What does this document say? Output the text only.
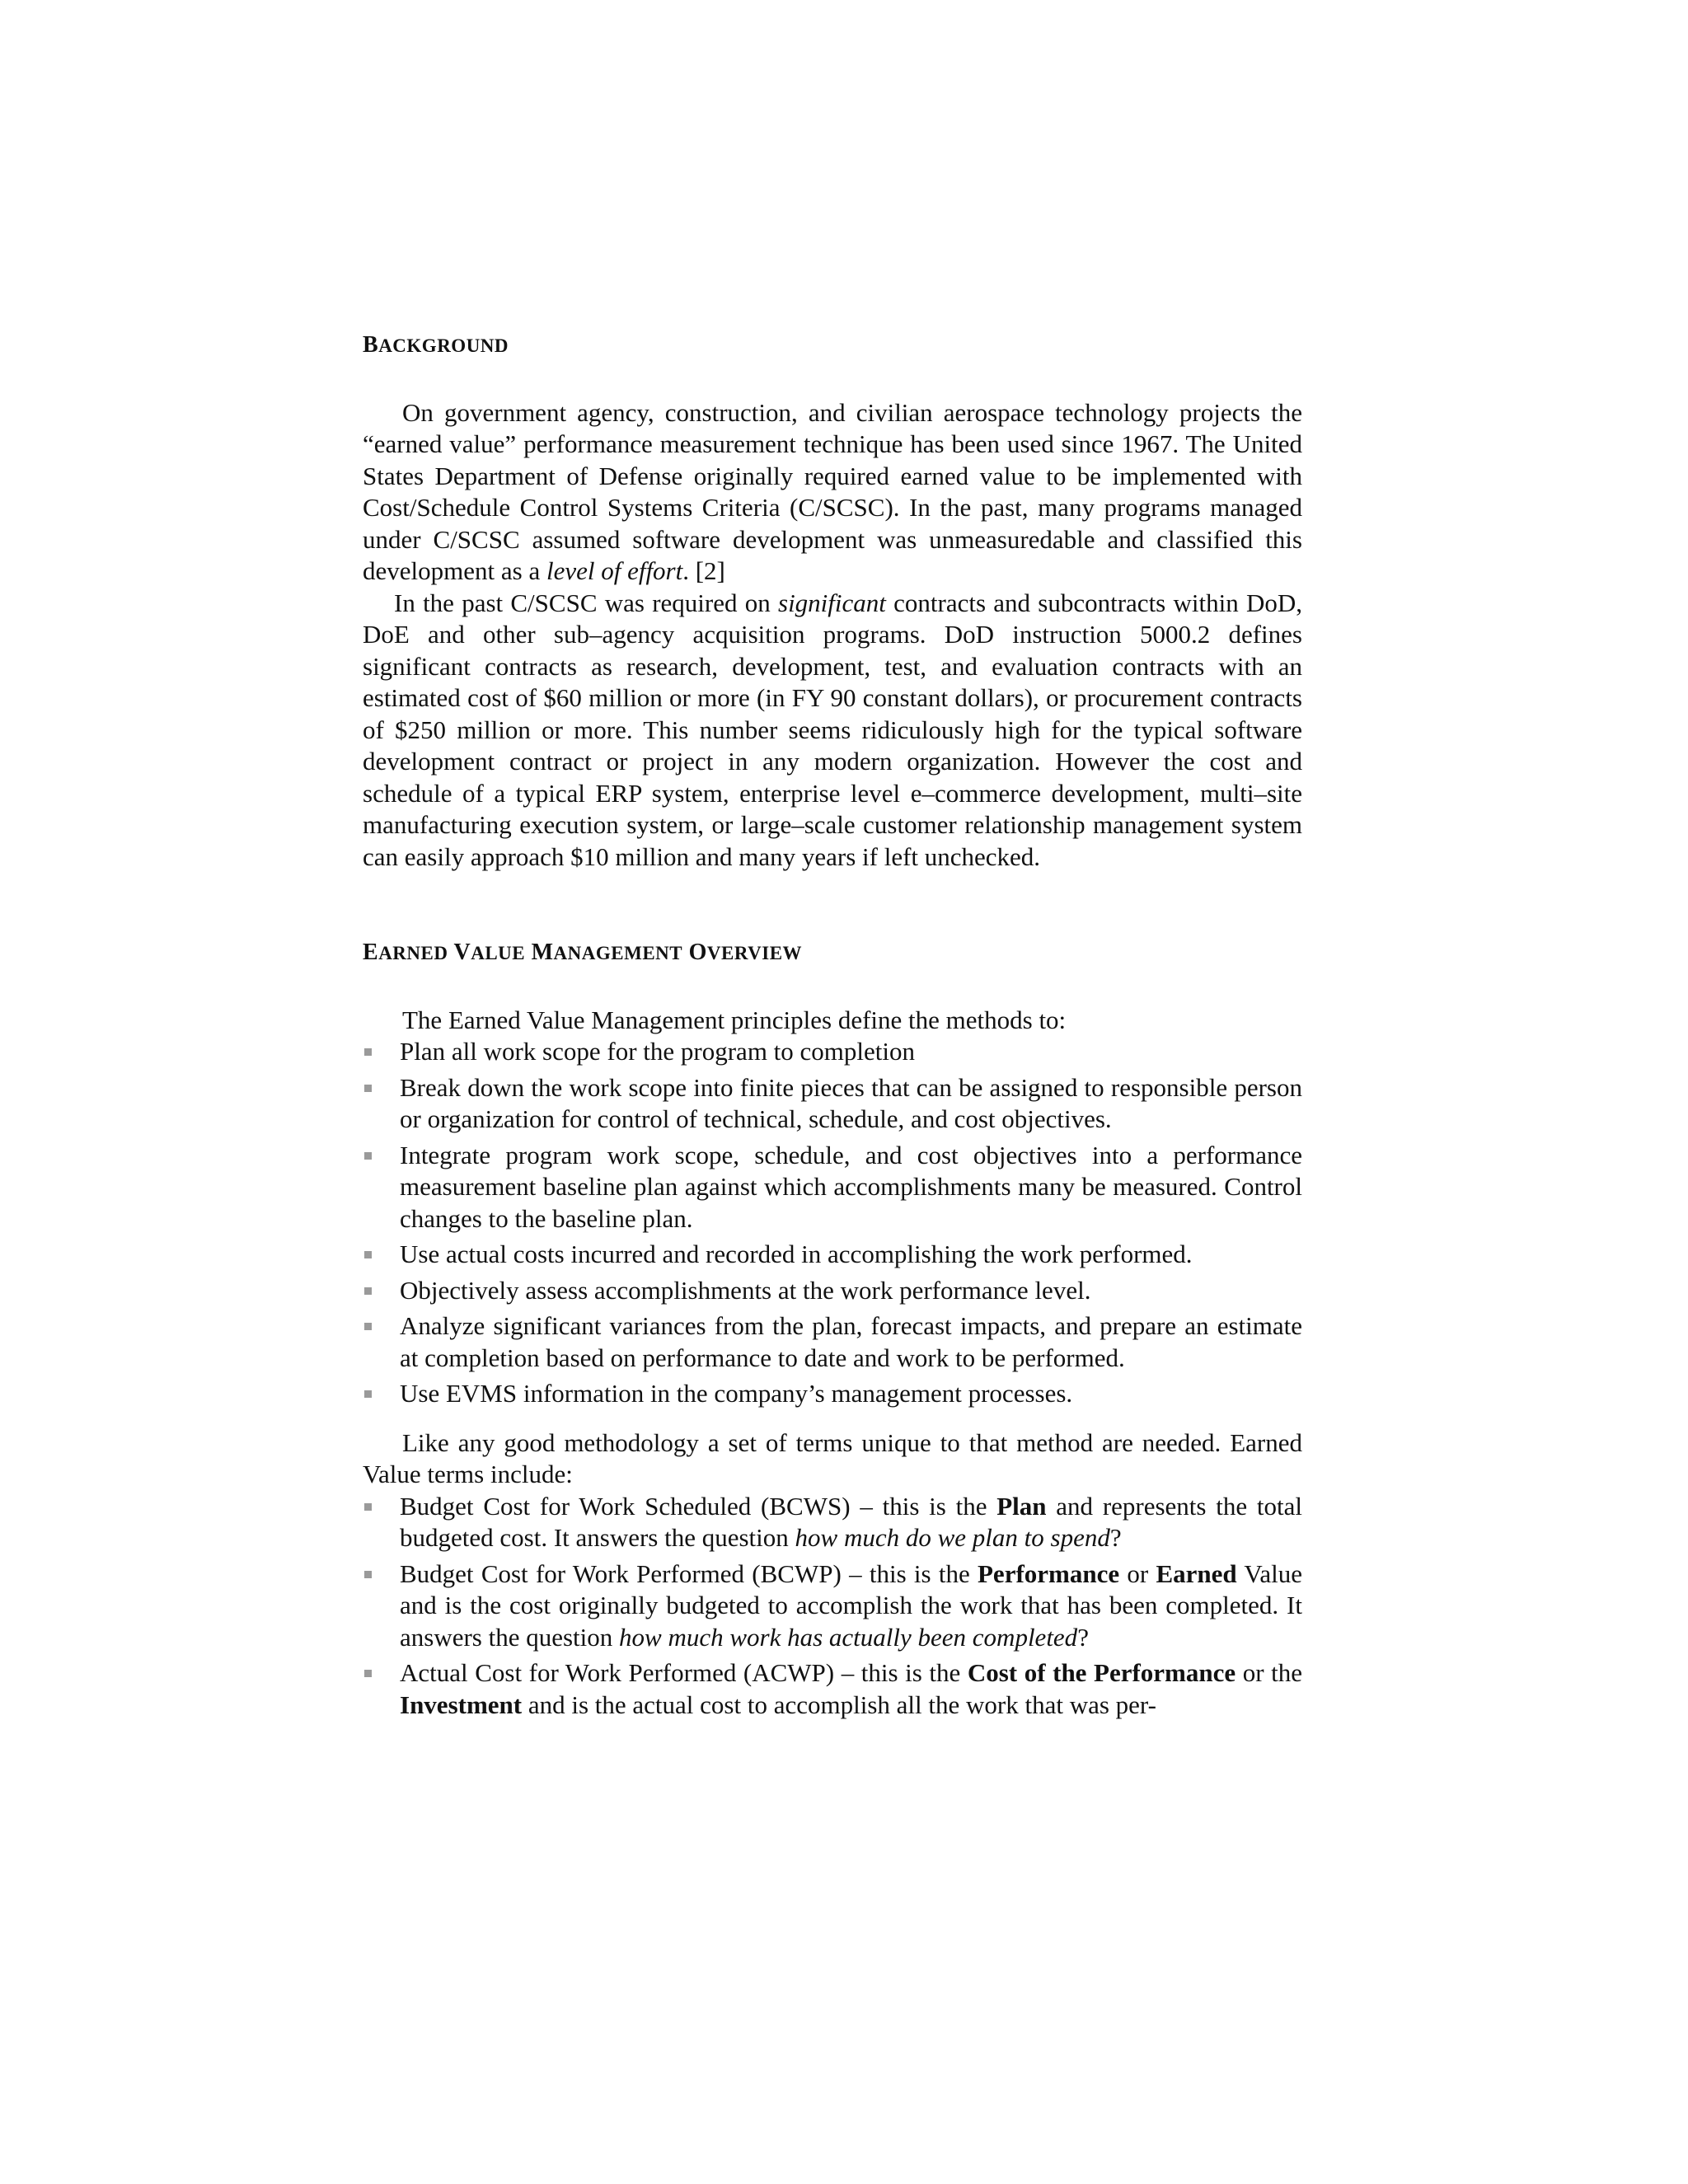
BACKGROUND

On government agency, construction, and civilian aerospace technology projects the “earned value” performance measurement technique has been used since 1967. The United States Department of Defense originally required earned value to be implemented with Cost/Schedule Control Systems Criteria (C/SCSC). In the past, many programs managed under C/SCSC assumed software development was unmeasuredable and classified this development as a level of effort. [2]

In the past C/SCSC was required on significant contracts and subcontracts within DoD, DoE and other sub–agency acquisition programs. DoD instruction 5000.2 defines significant contracts as research, development, test, and evaluation contracts with an estimated cost of $60 million or more (in FY 90 constant dollars), or procurement contracts of $250 million or more. This number seems ridiculously high for the typical software development contract or project in any modern organization. However the cost and schedule of a typical ERP system, enterprise level e–commerce development, multi–site manufacturing execution system, or large–scale customer relationship management system can easily approach $10 million and many years if left unchecked.

EARNED VALUE MANAGEMENT OVERVIEW

The Earned Value Management principles define the methods to:

Plan all work scope for the program to completion
Break down the work scope into finite pieces that can be assigned to responsible person or organization for control of technical, schedule, and cost objectives.
Integrate program work scope, schedule, and cost objectives into a performance measurement baseline plan against which accomplishments many be measured. Control changes to the baseline plan.
Use actual costs incurred and recorded in accomplishing the work performed.
Objectively assess accomplishments at the work performance level.
Analyze significant variances from the plan, forecast impacts, and prepare an estimate at completion based on performance to date and work to be performed.
Use EVMS information in the company’s management processes.

Like any good methodology a set of terms unique to that method are needed. Earned Value terms include:

Budget Cost for Work Scheduled (BCWS) – this is the Plan and represents the total budgeted cost. It answers the question how much do we plan to spend?
Budget Cost for Work Performed (BCWP) – this is the Performance or Earned Value and is the cost originally budgeted to accomplish the work that has been completed. It answers the question how much work has actually been completed?
Actual Cost for Work Performed (ACWP) – this is the Cost of the Performance or the Investment and is the actual cost to accomplish all the work that was per-
